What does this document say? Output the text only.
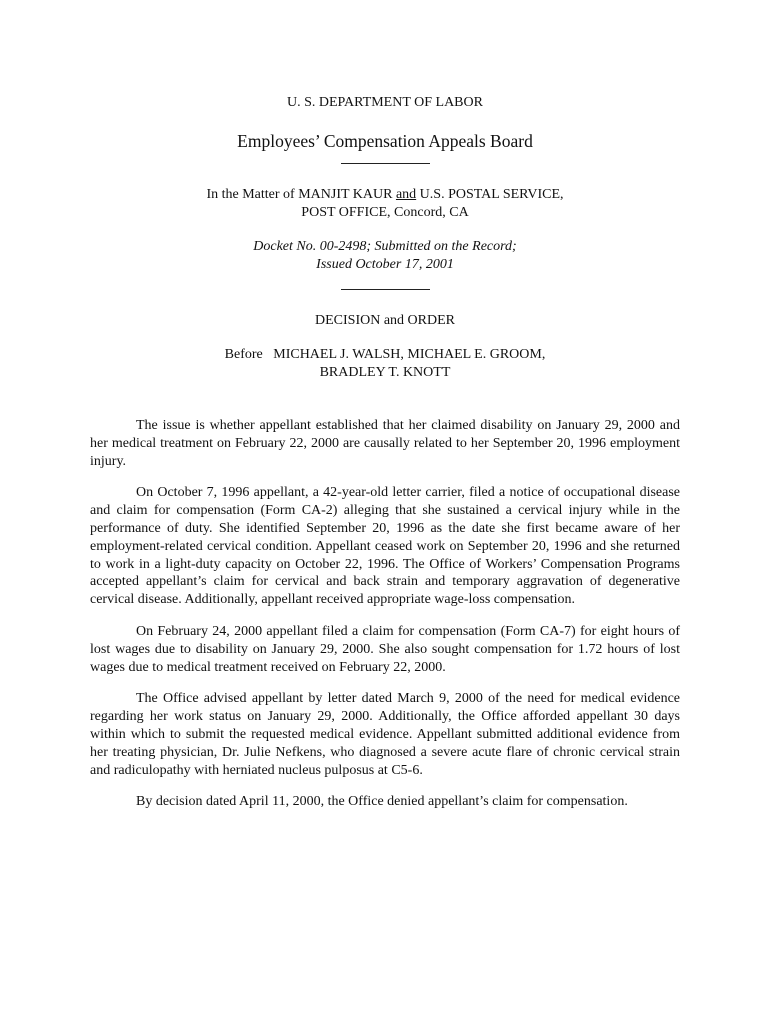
U. S. DEPARTMENT OF LABOR
Employees’ Compensation Appeals Board
In the Matter of MANJIT KAUR and U.S. POSTAL SERVICE,
POST OFFICE, Concord, CA
Docket No. 00-2498; Submitted on the Record;
Issued October 17, 2001
DECISION and ORDER
Before   MICHAEL J. WALSH, MICHAEL E. GROOM,
BRADLEY T. KNOTT

The issue is whether appellant established that her claimed disability on January 29, 2000 and her medical treatment on February 22, 2000 are causally related to her September 20, 1996 employment injury.

On October 7, 1996 appellant, a 42-year-old letter carrier, filed a notice of occupational disease and claim for compensation (Form CA-2) alleging that she sustained a cervical injury while in the performance of duty. She identified September 20, 1996 as the date she first became aware of her employment-related cervical condition. Appellant ceased work on September 20, 1996 and she returned to work in a light-duty capacity on October 22, 1996. The Office of Workers’ Compensation Programs accepted appellant’s claim for cervical and back strain and temporary aggravation of degenerative cervical disease. Additionally, appellant received appropriate wage-loss compensation.

On February 24, 2000 appellant filed a claim for compensation (Form CA-7) for eight hours of lost wages due to disability on January 29, 2000. She also sought compensation for 1.72 hours of lost wages due to medical treatment received on February 22, 2000.

The Office advised appellant by letter dated March 9, 2000 of the need for medical evidence regarding her work status on January 29, 2000. Additionally, the Office afforded appellant 30 days within which to submit the requested medical evidence. Appellant submitted additional evidence from her treating physician, Dr. Julie Nefkens, who diagnosed a severe acute flare of chronic cervical strain and radiculopathy with herniated nucleus pulposus at C5-6.

By decision dated April 11, 2000, the Office denied appellant’s claim for compensation.
